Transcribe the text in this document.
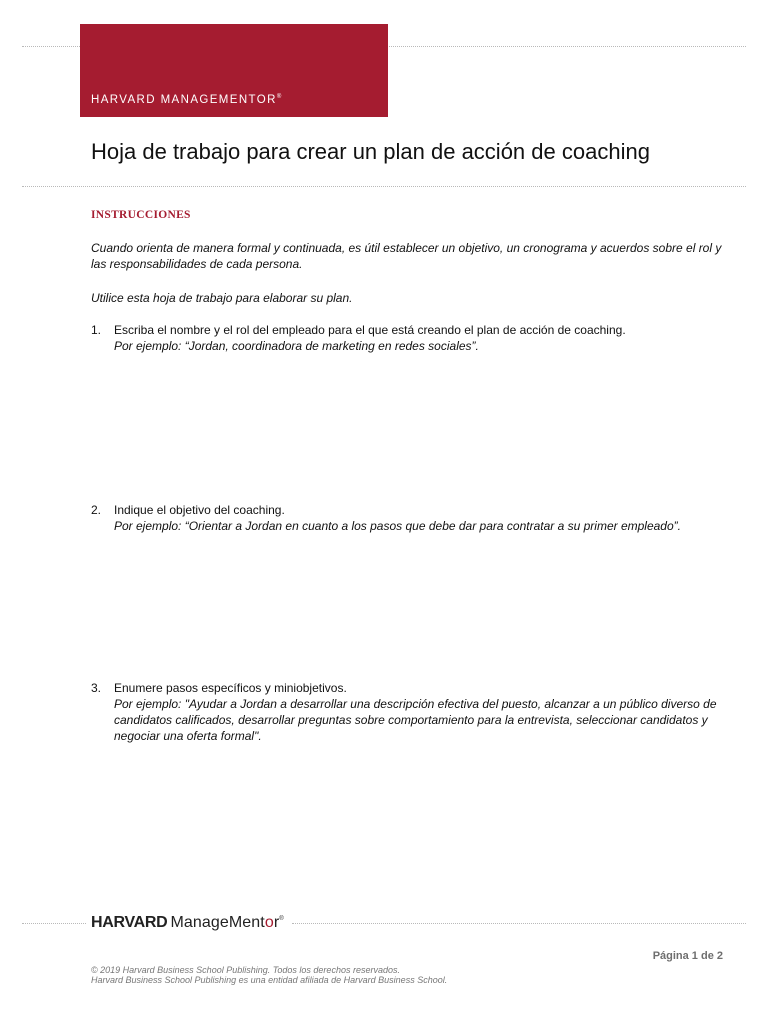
HARVARD MANAGEMENTOR®
Hoja de trabajo para crear un plan de acción de coaching
INSTRUCCIONES
Cuando orienta de manera formal y continuada, es útil establecer un objetivo, un cronograma y acuerdos sobre el rol y las responsabilidades de cada persona.
Utilice esta hoja de trabajo para elaborar su plan.
1. Escriba el nombre y el rol del empleado para el que está creando el plan de acción de coaching.
Por ejemplo: “Jordan, coordinadora de marketing en redes sociales”.
2. Indique el objetivo del coaching.
Por ejemplo: “Orientar a Jordan en cuanto a los pasos que debe dar para contratar a su primer empleado”.
3. Enumere pasos específicos y miniobjetivos.
Por ejemplo: "Ayudar a Jordan a desarrollar una descripción efectiva del puesto, alcanzar a un público diverso de candidatos calificados, desarrollar preguntas sobre comportamiento para la entrevista, seleccionar candidatos y negociar una oferta formal".
HARVARD ManageMentor®
Página 1 de 2
© 2019 Harvard Business School Publishing. Todos los derechos reservados.
Harvard Business School Publishing es una entidad afiliada de Harvard Business School.
